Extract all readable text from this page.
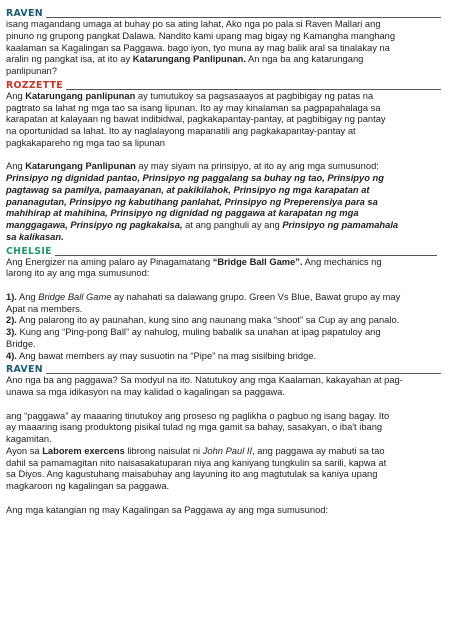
RAVEN

isang magandang umaga at buhay po sa ating lahat, Ako nga po pala si Raven Mallari ang

pinuno ng grupong pangkat Dalawa. Nandito kami upang mag bigay ng Kamangha manghang

kaalaman sa Kagalingan sa Paggawa. bago iyon, tyo muna ay mag balik aral sa tinalakay na

aralin ng pangkat isa, at ito ay Katarungang Panlipunan. An nga ba ang katarungang

panlipunan?

ROZZETTE

Ang Katarungang panlipunan ay tumutukoy sa pagsasaayos at pagbibigay ng patas na

pagtrato sa lahat ng mga tao sa isang lipunan. Ito ay may kinalaman sa pagpapahalaga sa

karapatan at kalayaan ng bawat indibidwal, pagkakapantay-pantay, at pagbibigay ng pantay

na oportunidad sa lahat. Ito ay naglalayong mapanatili ang pagkakapantay-pantay at

pagkakapareho ng mga tao sa lipunan

Ang Katarungang Panlipunan ay may siyam na prinsipyo, at ito ay ang mga sumusunod:

Prinsipyo ng dignidad pantao, Prinsipyo ng paggalang sa buhay ng tao, Prinsipyo ng

pagtawag sa pamilya, pamaayanan, at pakikilahok, Prinsipyo ng mga karapatan at

pananagutan, Prinsipyo ng kabutihang panlahat, Prinsipyo ng Preperensiya para sa

mahihirap at mahihina, Prinsipyo ng dignidad ng paggawa at karapatan ng mga

manggagawa, Prinsipyo ng pagkakaisa, at ang panghuli ay ang Prinsipyo ng pamamahala

sa kalikasan.

CHELSIE

Ang Energizer na aming palaro ay Pinagamatang “Bridge Ball Game”. Ang mechanics ng

larong ito ay ang mga sumusunod:

1). Ang Bridge Ball Game ay nahahati sa dalawang grupo. Green Vs Blue, Bawat grupo ay may

Apat na members.

2). Ang palarong ito ay paunahan, kung sino ang naunang maka “shoot” sa Cup ay ang panalo.

3). Kung ang “Ping-pong Ball” ay nahulog, muling babalik sa unahan at ipag papatuloy ang

Bridge.

4). Ang bawat members ay may susuotin na “Pipe” na mag sisilbing bridge.

RAVEN

Ano nga ba ang paggawa? Sa modyul na ito. Natutukoy ang mga Kaalaman, kakayahan at pag-

unawa sa mga idikasyon na may kalidad o kagalingan sa paggawa.

ang “paggawa” ay maaaring tinutukoy ang proseso ng paglikha o pagbuo ng isang bagay. Ito

ay maaaring isang produktong pisikal tulad ng mga gamit sa bahay, sasakyan, o iba't ibang

kagamitan.

Ayon sa Laborem exercens librong naisulat ni John Paul II, ang paggawa ay mabuti sa tao

dahil sa pamamagitan nito naisasakatuparan niya ang kaniyang tungkulin sa sarili, kapwa at

sa Diyos. Ang kagustuhang maisabuhay ang layuning ito ang magtutulak sa kaniya upang

magkaroon ng kagalingan sa paggawa.

Ang mga katangian ng may Kagalingan sa Paggawa ay ang mga sumusunod:
